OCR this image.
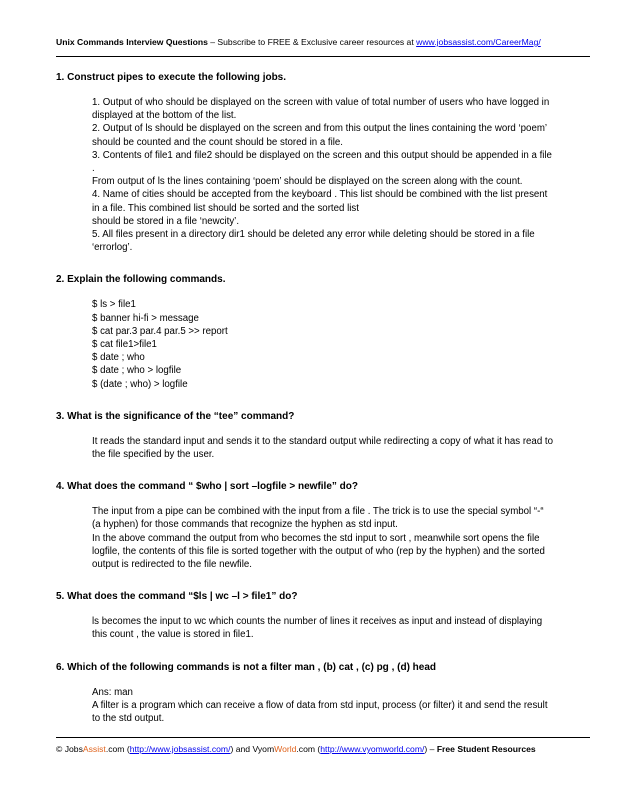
Unix Commands Interview Questions – Subscribe to FREE & Exclusive career resources at www.jobsassist.com/CareerMag/
1. Construct pipes to execute the following jobs.
1. Output of who should be displayed on the screen with value of total number of users who have logged in
displayed at the bottom of the list.
2. Output of ls should be displayed on the screen and from this output the lines containing the word ‘poem’
should be counted and the count should be stored in a file.
3. Contents of file1 and file2 should be displayed on the screen and this output should be appended in a file
.
From output of ls the lines containing ‘poem’ should be displayed on the screen along with the count.
4. Name of cities should be accepted from the keyboard . This list should be combined with the list present
in a file. This combined list should be sorted and the sorted list
should be stored in a file ‘newcity’.
5. All files present in a directory dir1 should be deleted any error while deleting should be stored in a file
‘errorlog’.
2. Explain the following commands.
$ ls > file1
$ banner hi-fi > message
$ cat par.3 par.4 par.5 >> report
$ cat file1>file1
$ date ; who
$ date ; who > logfile
$ (date ; who) > logfile
3. What is the significance of the “tee” command?
It reads the standard input and sends it to the standard output while redirecting a copy of what it has read to
the file specified by the user.
4. What does the command “ $who | sort –logfile > newfile” do?
The input from a pipe can be combined with the input from a file . The trick is to use the special symbol “-“
(a hyphen) for those commands that recognize the hyphen as std input.
In the above command the output from who becomes the std input to sort , meanwhile sort opens the file
logfile, the contents of this file is sorted together with the output of who (rep by the hyphen) and the sorted
output is redirected to the file newfile.
5. What does the command “$ls | wc –l > file1” do?
ls becomes the input to wc which counts the number of lines it receives as input and instead of displaying
this count , the value is stored in file1.
6. Which of the following commands is not a filter man , (b) cat , (c) pg , (d) head
Ans: man
A filter is a program which can receive a flow of data from std input, process (or filter) it and send the result
to the std output.
© JobsAssist.com (http://www.jobsassist.com/) and VyomWorld.com (http://www.vyomworld.com/) – Free Student Resources
